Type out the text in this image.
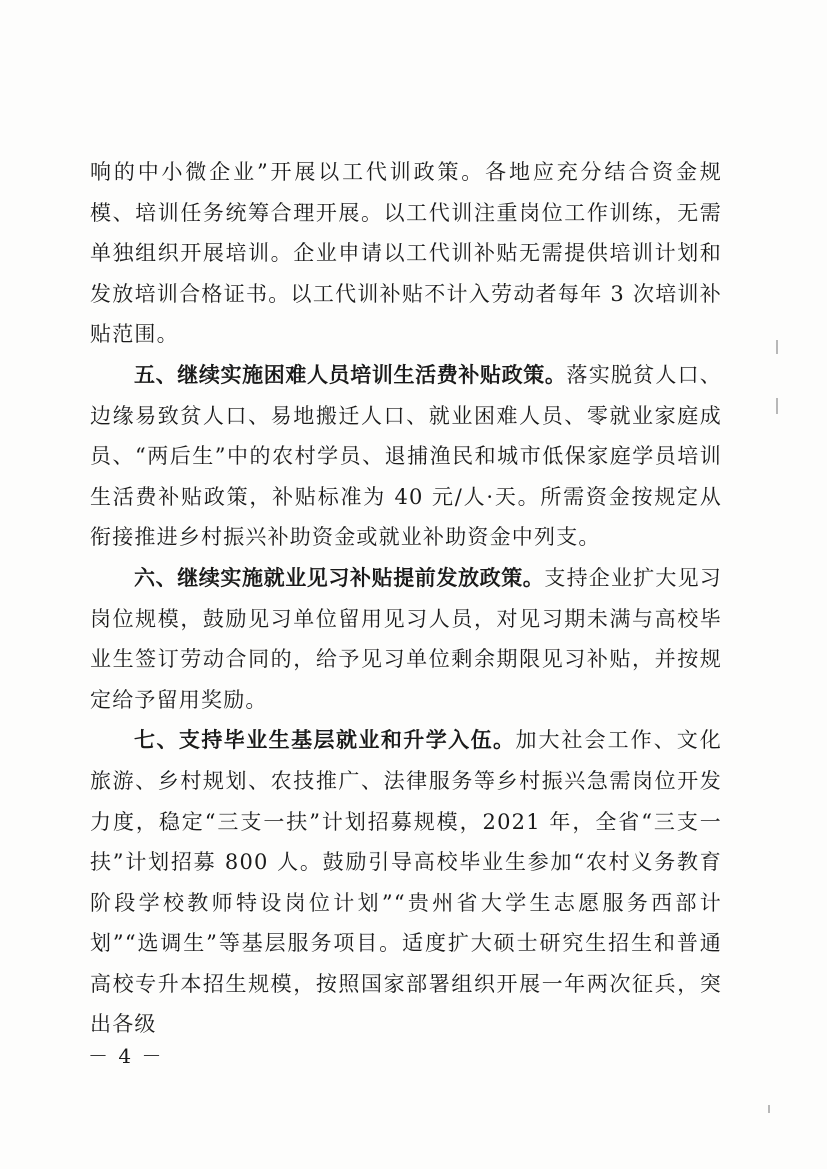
响的中小微企业”开展以工代训政策。各地应充分结合资金规模、培训任务统筹合理开展。以工代训注重岗位工作训练，无需单独组织开展培训。企业申请以工代训补贴无需提供培训计划和发放培训合格证书。以工代训补贴不计入劳动者每年 3 次培训补贴范围。

五、继续实施困难人员培训生活费补贴政策。落实脱贫人口、边缘易致贫人口、易地搬迁人口、就业困难人员、零就业家庭成员、“两后生”中的农村学员、退捕渔民和城市低保家庭学员培训生活费补贴政策，补贴标准为 40 元/人·天。所需资金按规定从衔接推进乡村振兴补助资金或就业补助资金中列支。

六、继续实施就业见习补贴提前发放政策。支持企业扩大见习岗位规模，鼓励见习单位留用见习人员，对见习期未满与高校毕业生签订劳动合同的，给予见习单位剩余期限见习补贴，并按规定给予留用奖励。

七、支持毕业生基层就业和升学入伍。加大社会工作、文化旅游、乡村规划、农技推广、法律服务等乡村振兴急需岗位开发力度，稳定“三支一扶”计划招募规模，2021 年，全省“三支一扶”计划招募 800 人。鼓励引导高校毕业生参加“农村义务教育阶段学校教师特设岗位计划”“贵州省大学生志愿服务西部计划”“选调生”等基层服务项目。适度扩大硕士研究生招生和普通高校专升本招生规模，按照国家部署组织开展一年两次征兵，突出各级

－ 4 －
